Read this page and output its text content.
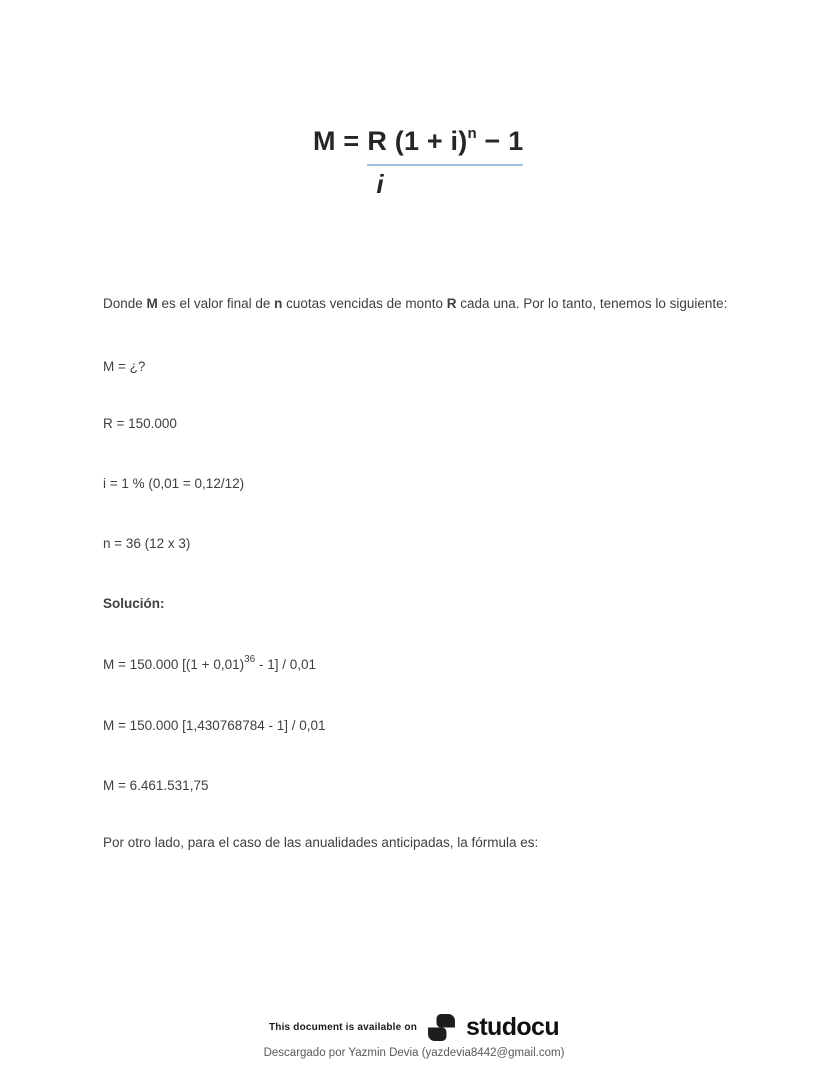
$M = \frac{R (1 + i)^n - 1}{i}$

Donde M es el valor final de n cuotas vencidas de monto R cada una. Por lo tanto, tenemos lo siguiente:

M = ¿?

R = 150.000

i = 1 % (0,01 = 0,12/12)

n = 36 (12 x 3)

Solución:

M = 150.000 $[(1 + 0,01)^{36} - 1] / 0,01$

M = 150.000 [1,430768784 - 1] / 0,01

M = 6.461.531,75

Por otro lado, para el caso de las anualidades anticipadas, la fórmula es:

This document is available on studocu
Descargado por Yazmin Devia (yazdevia8442@gmail.com)
